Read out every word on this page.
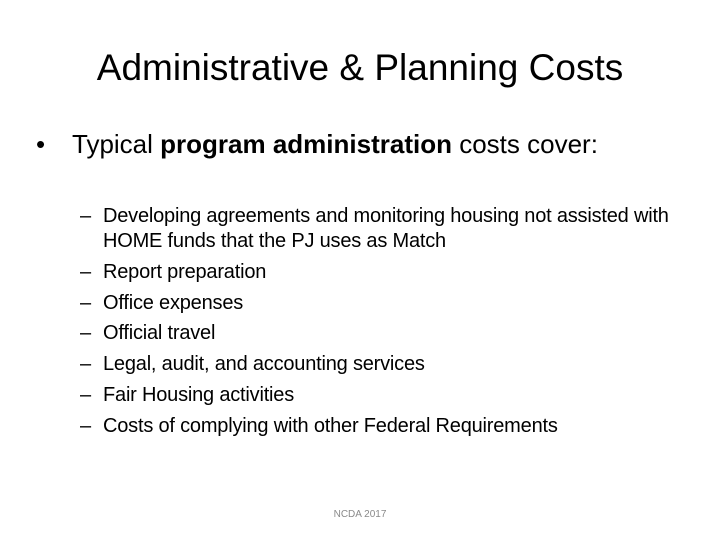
Administrative & Planning Costs
•	Typical program administration costs cover:
– Developing agreements and monitoring housing not assisted with HOME funds that the PJ uses as Match
– Report preparation
– Office expenses
– Official travel
– Legal, audit, and accounting services
– Fair Housing activities
– Costs of complying with other Federal Requirements
NCDA 2017
